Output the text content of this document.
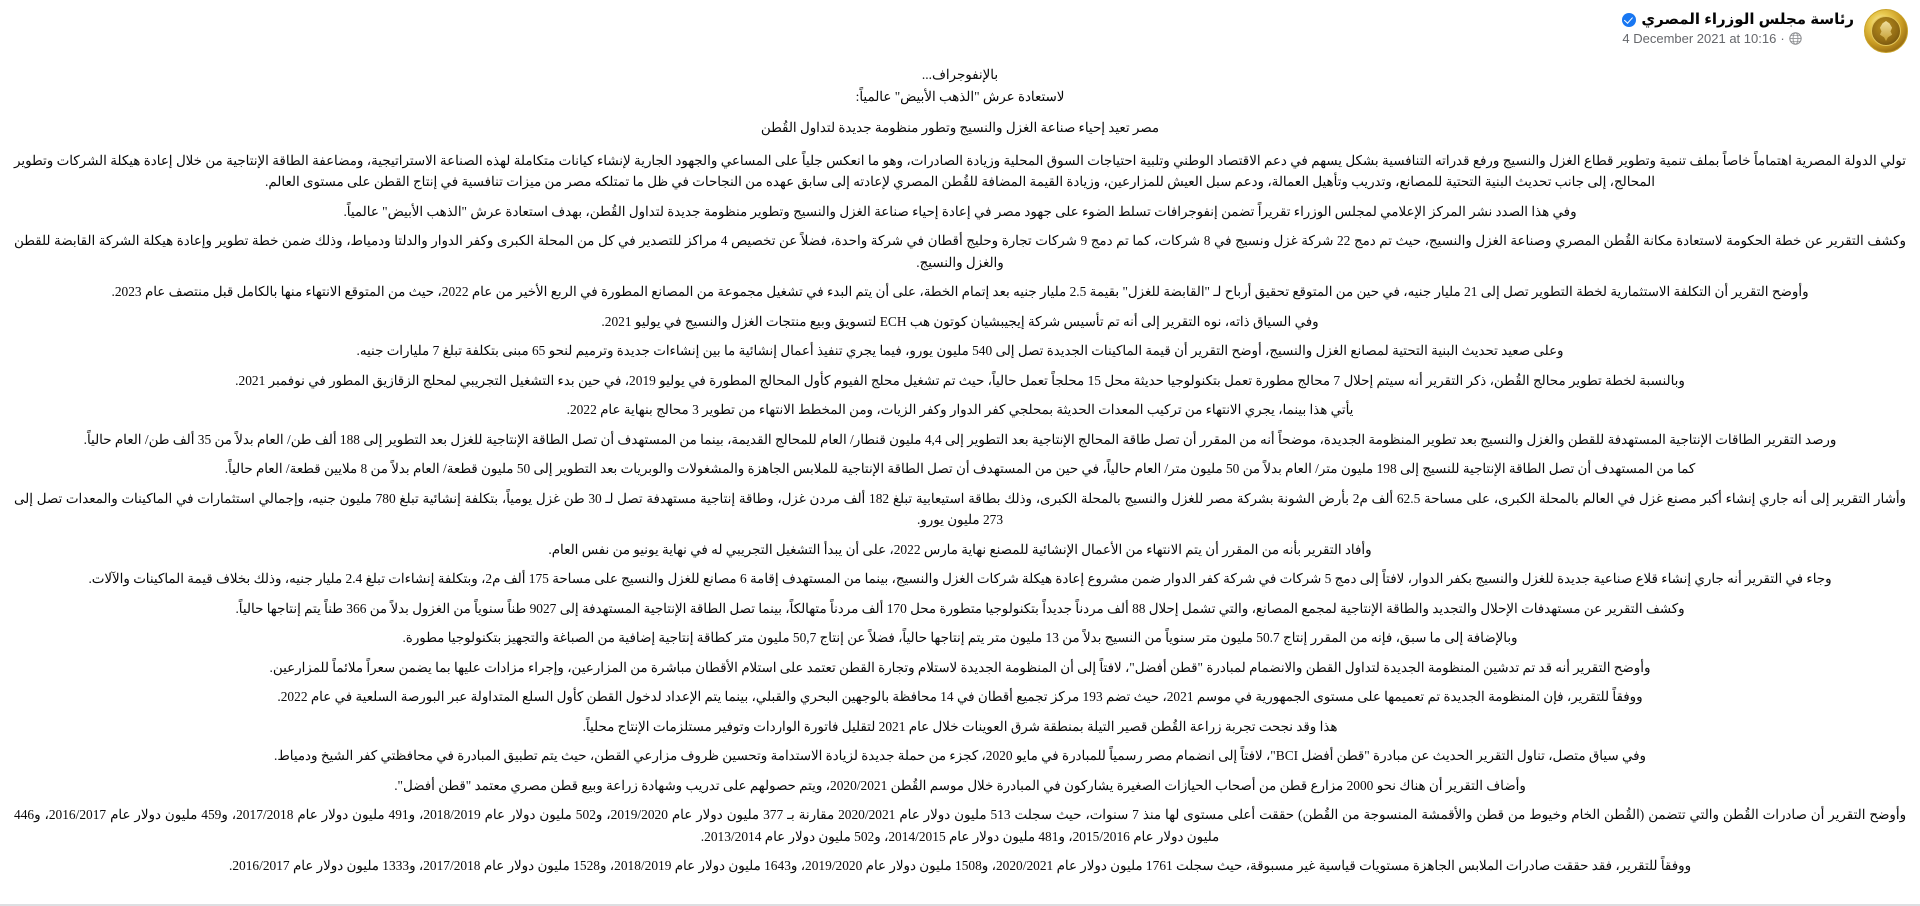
رئاسة مجلس الوزراء المصري
4 December 2021 at 10:16 ·

بالإنفوجراف...

لاستعادة عرش "الذهب الأبيض" عالمياً:

مصر تعيد إحياء صناعة الغزل والنسيج وتطور منظومة جديدة لتداول القُطن

تولي الدولة المصرية اهتماماً خاصاً بملف تنمية وتطوير قطاع الغزل والنسيج ورفع قدراته التنافسية بشكل يسهم في دعم الاقتصاد الوطني وتلبية احتياجات السوق المحلية وزيادة الصادرات، وهو ما انعكس جلياً على المساعي والجهود الجارية لإنشاء كيانات متكاملة لهذه الصناعة الاستراتيجية، ومضاعفة الطاقة الإنتاجية من خلال إعادة هيكلة الشركات وتطوير المحالج، إلى جانب تحديث البنية التحتية للمصانع، وتدريب وتأهيل العمالة، ودعم سبل العيش للمزارعين، وزيادة القيمة المضافة للقُطن المصري لإعادته إلى سابق عهده من النجاحات في ظل ما تمتلكه مصر من ميزات تنافسية في إنتاج القطن على مستوى العالم.

وفي هذا الصدد نشر المركز الإعلامي لمجلس الوزراء تقريراً تضمن إنفوجرافات تسلط الضوء على جهود مصر في إعادة إحياء صناعة الغزل والنسيج وتطوير منظومة جديدة لتداول القُطن، بهدف استعادة عرش "الذهب الأبيض" عالمياً.

وكشف التقرير عن خطة الحكومة لاستعادة مكانة القُطن المصري وصناعة الغزل والنسيج، حيث تم دمج 22 شركة غزل ونسيج في 8 شركات، كما تم دمج 9 شركات تجارة وحليج أقطان في شركة واحدة، فضلاً عن تخصيص 4 مراكز للتصدير في كل من المحلة الكبرى وكفر الدوار والدلتا ودمياط، وذلك ضمن خطة تطوير وإعادة هيكلة الشركة القابضة للقطن والغزل والنسيج.

وأوضح التقرير أن التكلفة الاستثمارية لخطة التطوير تصل إلى 21 مليار جنيه، في حين من المتوقع تحقيق أرباح لـ "القابضة للغزل" بقيمة 2.5 مليار جنيه بعد إتمام الخطة، على أن يتم البدء في تشغيل مجموعة من المصانع المطورة في الربع الأخير من عام 2022، حيث من المتوقع الانتهاء منها بالكامل قبل منتصف عام 2023.

وفي السياق ذاته، نوه التقرير إلى أنه تم تأسيس شركة إيجيبشيان كوتون هب ECH لتسويق وبيع منتجات الغزل والنسيج في يوليو 2021.

وعلى صعيد تحديث البنية التحتية لمصانع الغزل والنسيج، أوضح التقرير أن قيمة الماكينات الجديدة تصل إلى 540 مليون يورو، فيما يجري تنفيذ أعمال إنشائية ما بين إنشاءات جديدة وترميم لنحو 65 مبنى بتكلفة تبلغ 7 مليارات جنيه.

وبالنسبة لخطة تطوير محالج القُطن، ذكر التقرير أنه سيتم إحلال 7 محالج مطورة تعمل بتكنولوجيا حديثة محل 15 محلجاً تعمل حالياً، حيث تم تشغيل محلج الفيوم كأول المحالج المطورة في يوليو 2019، في حين بدء التشغيل التجريبي لمحلج الزقازيق المطور في نوفمبر 2021.

يأتي هذا بينما، يجري الانتهاء من تركيب المعدات الحديثة بمحلجي كفر الدوار وكفر الزيات، ومن المخطط الانتهاء من تطوير 3 محالج بنهاية عام 2022.

ورصد التقرير الطاقات الإنتاجية المستهدفة للقطن والغزل والنسيج بعد تطوير المنظومة الجديدة، موضحاً أنه من المقرر أن تصل طاقة المحالج الإنتاجية بعد التطوير إلى 4,4 مليون قنطار/ العام للمحالج القديمة، بينما من المستهدف أن تصل الطاقة الإنتاجية للغزل بعد التطوير إلى 188 ألف طن/ العام بدلاً من 35 ألف طن/ العام حالياً.

كما من المستهدف أن تصل الطاقة الإنتاجية للنسيج إلى 198 مليون متر/ العام بدلاً من 50 مليون متر/ العام حالياً، في حين من المستهدف أن تصل الطاقة الإنتاجية للملابس الجاهزة والمشغولات والوبريات بعد التطوير إلى 50 مليون قطعة/ العام بدلاً من 8 ملايين قطعة/ العام حالياً.

وأشار التقرير إلى أنه جاري إنشاء أكبر مصنع غزل في العالم بالمحلة الكبرى، على مساحة 62.5 ألف م2 بأرض الشونة بشركة مصر للغزل والنسيج بالمحلة الكبرى، وذلك بطاقة استيعابية تبلغ 182 ألف مردن غزل، وطاقة إنتاجية مستهدفة تصل لـ 30 طن غزل يومياً، بتكلفة إنشائية تبلغ 780 مليون جنيه، وإجمالي استثمارات في الماكينات والمعدات تصل إلى 273 مليون يورو.

وأفاد التقرير بأنه من المقرر أن يتم الانتهاء من الأعمال الإنشائية للمصنع نهاية مارس 2022، على أن يبدأ التشغيل التجريبي له في نهاية يونيو من نفس العام.

وجاء في التقرير أنه جاري إنشاء قلاع صناعية جديدة للغزل والنسيج بكفر الدوار، لافتاً إلى دمج 5 شركات في شركة كفر الدوار ضمن مشروع إعادة هيكلة شركات الغزل والنسيج، بينما من المستهدف إقامة 6 مصانع للغزل والنسيج على مساحة 175 ألف م2، وبتكلفة إنشاءات تبلغ 2.4 مليار جنيه، وذلك بخلاف قيمة الماكينات والآلات.

وكشف التقرير عن مستهدفات الإحلال والتجديد والطاقة الإنتاجية لمجمع المصانع، والتي تشمل إحلال 88 ألف مردناً جديداً بتكنولوجيا متطورة محل 170 ألف مردناً متهالكاً، بينما تصل الطاقة الإنتاجية المستهدفة إلى 9027 طناً سنوياً من الغزول بدلاً من 366 طناً يتم إنتاجها حالياً.

وبالإضافة إلى ما سبق، فإنه من المقرر إنتاج 50.7 مليون متر سنوياً من النسيج بدلاً من 13 مليون متر يتم إنتاجها حالياً، فضلاً عن إنتاج 50,7 مليون متر كطاقة إنتاجية إضافية من الصباغة والتجهيز بتكنولوجيا مطورة.

وأوضح التقرير أنه قد تم تدشين المنظومة الجديدة لتداول القطن والانضمام لمبادرة "قطن أفضل"، لافتاً إلى أن المنظومة الجديدة لاستلام وتجارة القطن تعتمد على استلام الأقطان مباشرة من المزارعين، وإجراء مزادات عليها بما يضمن سعراً ملائماً للمزارعين.

ووفقاً للتقرير، فإن المنظومة الجديدة تم تعميمها على مستوى الجمهورية في موسم 2021، حيث تضم 193 مركز تجميع أقطان في 14 محافظة بالوجهين البحري والقبلي، بينما يتم الإعداد لدخول القطن كأول السلع المتداولة عبر البورصة السلعية في عام 2022.

هذا وقد نجحت تجربة زراعة القُطن قصير التيلة بمنطقة شرق العوينات خلال عام 2021 لتقليل فاتورة الواردات وتوفير مستلزمات الإنتاج محلياً.

وفي سياق متصل، تناول التقرير الحديث عن مبادرة "قطن أفضل BCI"، لافتاً إلى انضمام مصر رسمياً للمبادرة في مايو 2020، كجزء من حملة جديدة لزيادة الاستدامة وتحسين ظروف مزارعي القطن، حيث يتم تطبيق المبادرة في محافظتي كفر الشيخ ودمياط.

وأضاف التقرير أن هناك نحو 2000 مزارع قطن من أصحاب الحيازات الصغيرة يشاركون في المبادرة خلال موسم القُطن 2020/2021، ويتم حصولهم على تدريب وشهادة زراعة وبيع قطن مصري معتمد "قطن أفضل".

وأوضح التقرير أن صادرات القُطن والتي تتضمن (القُطن الخام وخيوط من قطن والأقمشة المنسوجة من القُطن) حققت أعلى مستوى لها منذ 7 سنوات، حيث سجلت 513 مليون دولار عام 2020/2021 مقارنة بـ 377 مليون دولار عام 2019/2020، و502 مليون دولار عام 2018/2019، و491 مليون دولار عام 2017/2018، و459 مليون دولار عام 2016/2017، و446 مليون دولار عام 2015/2016، و481 مليون دولار عام 2014/2015، و502 مليون دولار عام 2013/2014.

ووفقاً للتقرير، فقد حققت صادرات الملابس الجاهزة مستويات قياسية غير مسبوقة، حيث سجلت 1761 مليون دولار عام 2020/2021، و1508 مليون دولار عام 2019/2020، و1643 مليون دولار عام 2018/2019، و1528 مليون دولار عام 2017/2018، و1333 مليون دولار عام 2016/2017.
